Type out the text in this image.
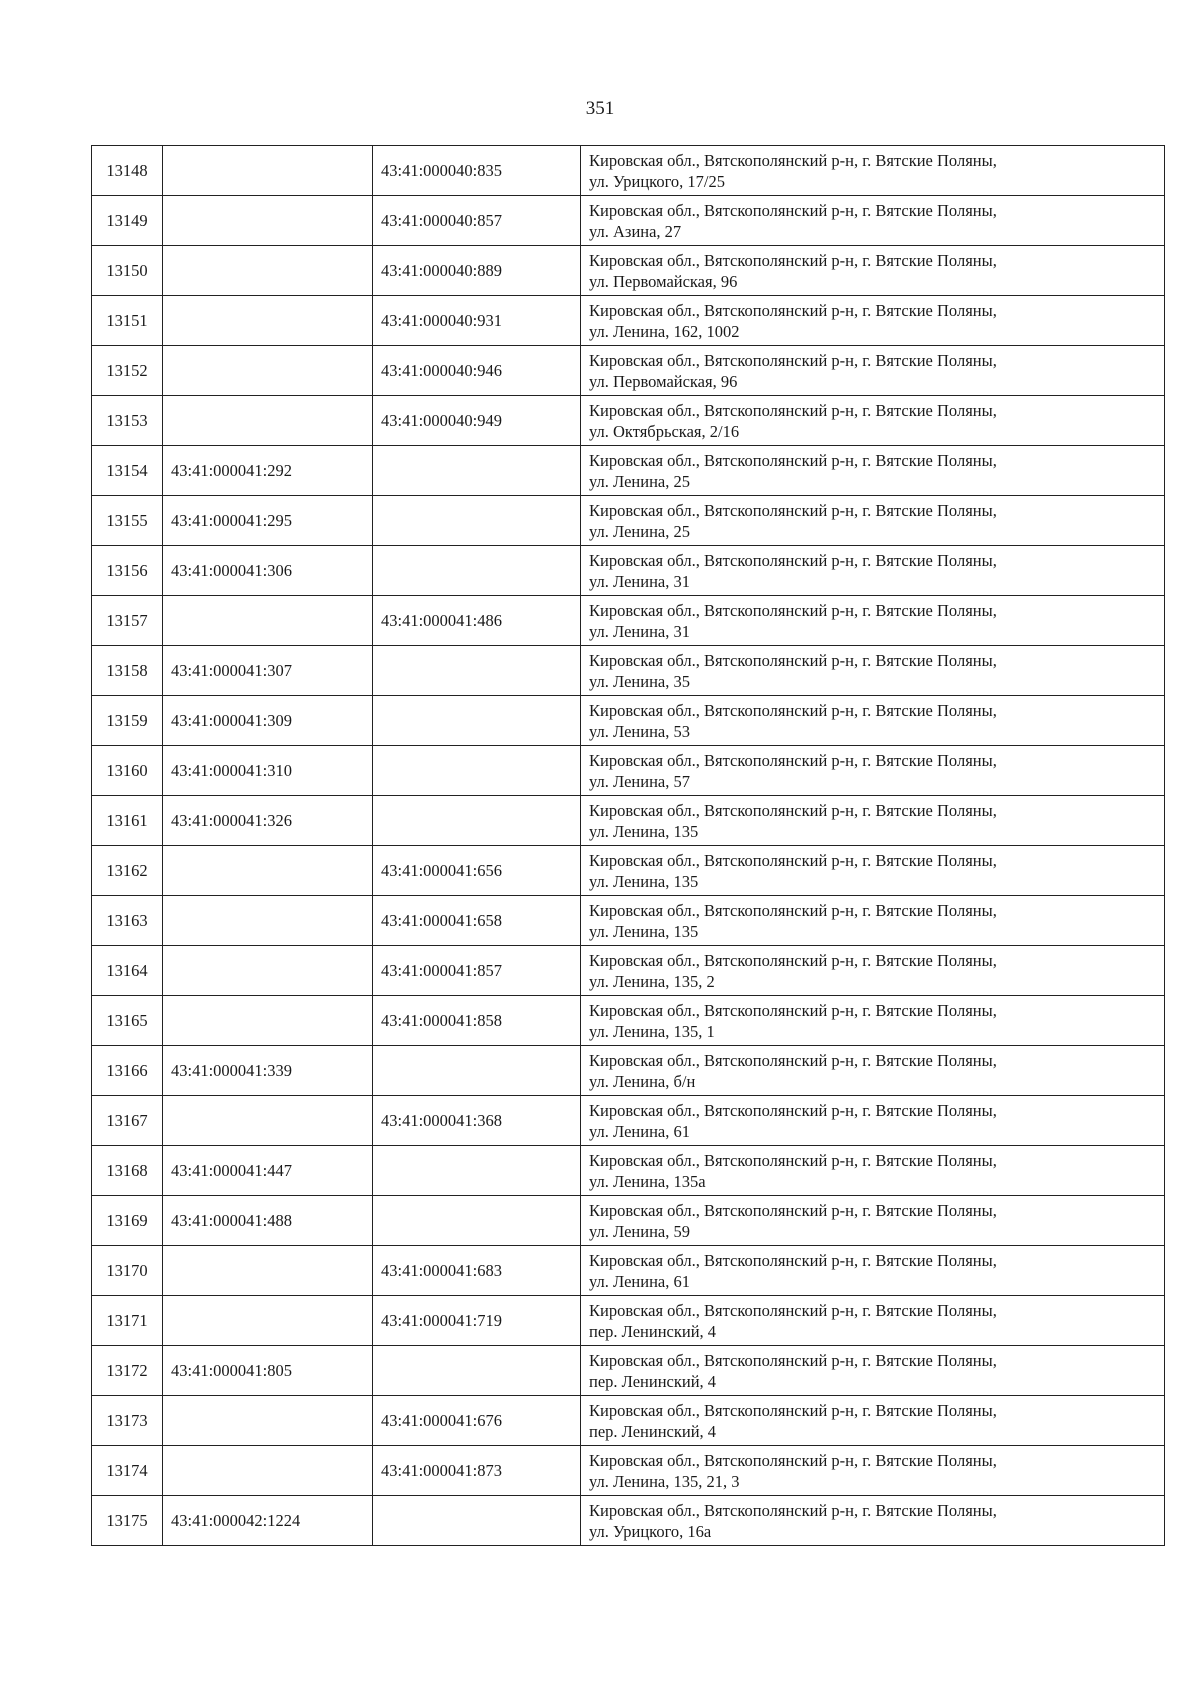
351
13148		43:41:000040:835	Кировская обл., Вятскополянский р-н, г. Вятские Поляны,
ул. Урицкого, 17/25

13149		43:41:000040:857	Кировская обл., Вятскополянский р-н, г. Вятские Поляны,
ул. Азина, 27

13150		43:41:000040:889	Кировская обл., Вятскополянский р-н, г. Вятские Поляны,
ул. Первомайская, 96

13151		43:41:000040:931	Кировская обл., Вятскополянский р-н, г. Вятские Поляны,
ул. Ленина, 162, 1002

13152		43:41:000040:946	Кировская обл., Вятскополянский р-н, г. Вятские Поляны,
ул. Первомайская, 96

13153		43:41:000040:949	Кировская обл., Вятскополянский р-н, г. Вятские Поляны,
ул. Октябрьская, 2/16

13154	43:41:000041:292		Кировская обл., Вятскополянский р-н, г. Вятские Поляны,
ул. Ленина, 25

13155	43:41:000041:295		Кировская обл., Вятскополянский р-н, г. Вятские Поляны,
ул. Ленина, 25

13156	43:41:000041:306		Кировская обл., Вятскополянский р-н, г. Вятские Поляны,
ул. Ленина, 31

13157		43:41:000041:486	Кировская обл., Вятскополянский р-н, г. Вятские Поляны,
ул. Ленина, 31

13158	43:41:000041:307		Кировская обл., Вятскополянский р-н, г. Вятские Поляны,
ул. Ленина, 35

13159	43:41:000041:309		Кировская обл., Вятскополянский р-н, г. Вятские Поляны,
ул. Ленина, 53

13160	43:41:000041:310		Кировская обл., Вятскополянский р-н, г. Вятские Поляны,
ул. Ленина, 57

13161	43:41:000041:326		Кировская обл., Вятскополянский р-н, г. Вятские Поляны,
ул. Ленина, 135

13162		43:41:000041:656	Кировская обл., Вятскополянский р-н, г. Вятские Поляны,
ул. Ленина, 135

13163		43:41:000041:658	Кировская обл., Вятскополянский р-н, г. Вятские Поляны,
ул. Ленина, 135

13164		43:41:000041:857	Кировская обл., Вятскополянский р-н, г. Вятские Поляны,
ул. Ленина, 135, 2

13165		43:41:000041:858	Кировская обл., Вятскополянский р-н, г. Вятские Поляны,
ул. Ленина, 135, 1

13166	43:41:000041:339		Кировская обл., Вятскополянский р-н, г. Вятские Поляны,
ул. Ленина, б/н

13167		43:41:000041:368	Кировская обл., Вятскополянский р-н, г. Вятские Поляны,
ул. Ленина, 61

13168	43:41:000041:447		Кировская обл., Вятскополянский р-н, г. Вятские Поляны,
ул. Ленина, 135а

13169	43:41:000041:488		Кировская обл., Вятскополянский р-н, г. Вятские Поляны,
ул. Ленина, 59

13170		43:41:000041:683	Кировская обл., Вятскополянский р-н, г. Вятские Поляны,
ул. Ленина, 61

13171		43:41:000041:719	Кировская обл., Вятскополянский р-н, г. Вятские Поляны,
пер. Ленинский, 4

13172	43:41:000041:805		Кировская обл., Вятскополянский р-н, г. Вятские Поляны,
пер. Ленинский, 4

13173		43:41:000041:676	Кировская обл., Вятскополянский р-н, г. Вятские Поляны,
пер. Ленинский, 4

13174		43:41:000041:873	Кировская обл., Вятскополянский р-н, г. Вятские Поляны,
ул. Ленина, 135, 21, 3

13175	43:41:000042:1224		Кировская обл., Вятскополянский р-н, г. Вятские Поляны,
ул. Урицкого, 16а
